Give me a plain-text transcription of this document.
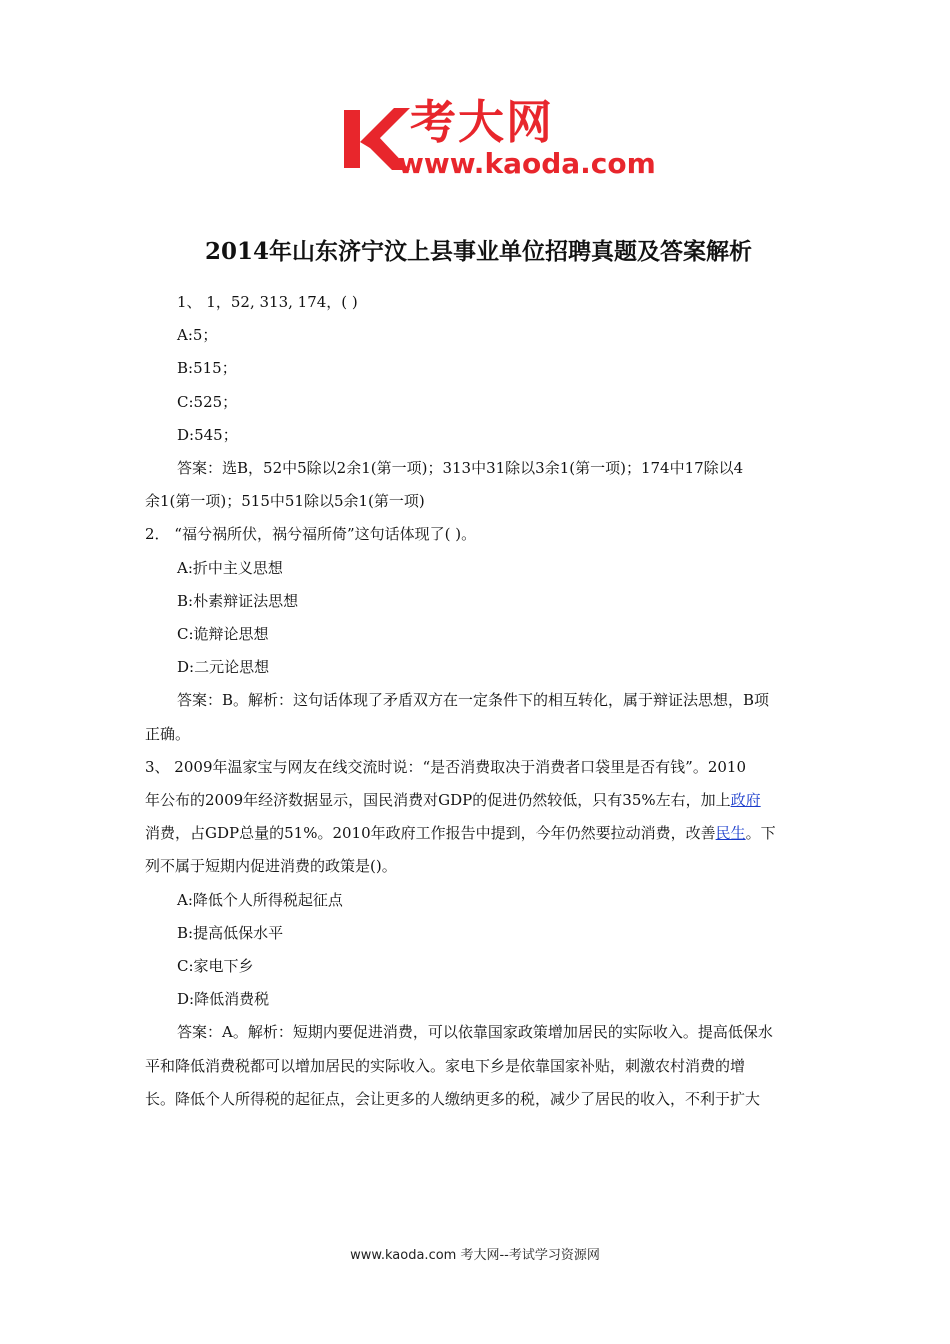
考大网
www.kaoda.com
2014年山东济宁汶上县事业单位招聘真题及答案解析

1、 1，52, 313, 174，( )

A:5；

B:515；

C:525；

D:545；

答案：选B，52中5除以2余1(第一项)；313中31除以3余1(第一项)；174中17除以4

余1(第一项)；515中51除以5余1(第一项)

2． “福兮祸所伏，祸兮福所倚”这句话体现了( )。

A:折中主义思想

B:朴素辩证法思想

C:诡辩论思想

D:二元论思想

答案：B。解析：这句话体现了矛盾双方在一定条件下的相互转化，属于辩证法思想，B项

正确。

3、 2009年温家宝与网友在线交流时说：“是否消费取决于消费者口袋里是否有钱”。2010

年公布的2009年经济数据显示，国民消费对GDP的促进仍然较低，只有35%左右，加上政府

消费，占GDP总量的51%。2010年政府工作报告中提到，今年仍然要拉动消费，改善民生。下

列不属于短期内促进消费的政策是()。

A:降低个人所得税起征点

B:提高低保水平

C:家电下乡

D:降低消费税

答案：A。解析：短期内要促进消费，可以依靠国家政策增加居民的实际收入。提高低保水

平和降低消费税都可以增加居民的实际收入。家电下乡是依靠国家补贴，刺激农村消费的增

长。降低个人所得税的起征点，会让更多的人缴纳更多的税，减少了居民的收入，不利于扩大

www.kaoda.com 考大网--考试学习资源网
